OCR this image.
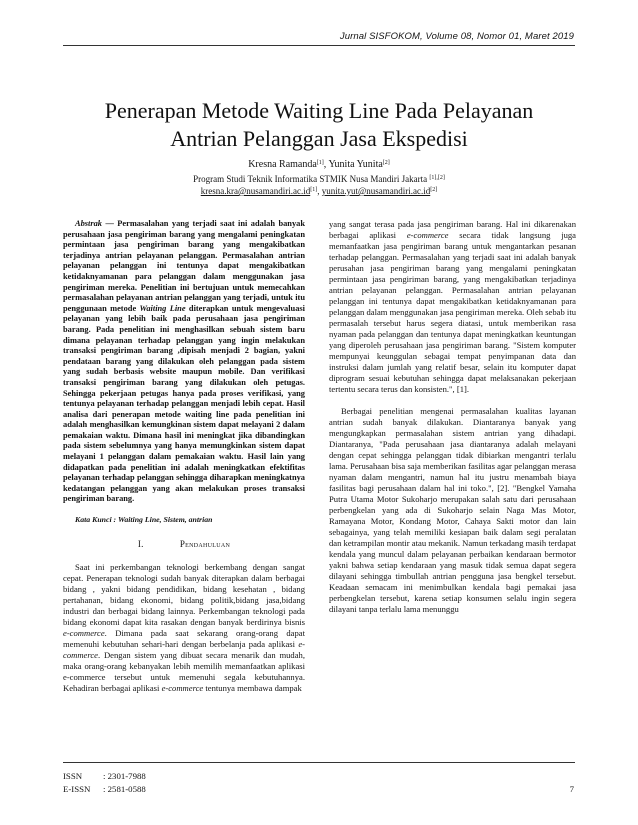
Jurnal SISFOKOM, Volume 08, Nomor 01, Maret 2019
Penerapan Metode Waiting Line Pada Pelayanan
Antrian Pelanggan Jasa Ekspedisi
Kresna Ramanda[1], Yunita Yunita[2]
Program Studi Teknik Informatika STMIK Nusa Mandiri Jakarta [1],[2]
kresna.kra@nusamandiri.ac.id[1], yunita.yut@nusamandiri.ac.id[2]

Abstrak — Permasalahan yang terjadi saat ini adalah banyak perusahaan jasa pengiriman barang yang mengalami peningkatan permintaan jasa pengiriman barang yang mengakibatkan terjadinya antrian pelayanan pelanggan. Permasalahan antrian pelayanan pelanggan ini tentunya dapat mengakibatkan ketidaknyamanan para pelanggan dalam menggunakan jasa pengiriman mereka. Penelitian ini bertujuan untuk memecahkan permasalahan pelayanan antrian pelanggan yang terjadi, untuk itu penggunaan metode Waiting Line diterapkan untuk mengevaluasi pelayanan yang lebih baik pada perusahaan jasa pengiriman barang. Pada penelitian ini menghasilkan sebuah sistem baru dimana pelayanan terhadap pelanggan yang ingin melakukan transaksi pengiriman barang ,dipisah menjadi 2 bagian, yakni pendataan barang yang dilakukan oleh pelanggan pada sistem yang sudah berbasis website maupun mobile. Dan verifikasi transaksi pengiriman barang yang dilakukan oleh petugas. Sehingga pekerjaan petugas hanya pada proses verifikasi, yang tentunya pelayanan terhadap pelanggan menjadi lebih cepat. Hasil analisa dari penerapan metode waiting line pada penelitian ini adalah menghasilkan kemungkinan sistem dapat melayani 2 dalam pemakaian waktu. Dimana hasil ini meningkat jika dibandingkan pada sistem sebelumnya yang hanya memungkinkan sistem dapat melayani 1 pelanggan dalam pemakaian waktu. Hasil lain yang didapatkan pada penelitian ini adalah meningkatkan efektifitas pelayanan terhadap pelanggan sehingga diharapkan meningkatnya kedatangan pelanggan yang akan melakukan proses transaksi pengiriman barang.

Kata Kunci : Waiting Line, Sistem, antrian

I.	Pendahuluan

Saat ini perkembangan teknologi berkembang dengan sangat cepat. Penerapan teknologi sudah banyak diterapkan dalam berbagai bidang , yakni bidang pendidikan, bidang kesehatan , bidang pertahanan, bidang ekonomi, bidang politik,bidang jasa,bidang industri dan berbagai bidang lainnya. Perkembangan teknologi pada bidang ekonomi dapat kita rasakan dengan banyak berdirinya bisnis e-commerce. Dimana pada saat sekarang orang-orang dapat memenuhi kebutuhan sehari-hari dengan berbelanja pada aplikasi e-commerce. Dengan sistem yang dibuat secara menarik dan mudah, maka orang-orang kebanyakan lebih memilih memanfaatkan aplikasi e-commerce tersebut untuk memenuhi segala kebutuhannya. Kehadiran berbagai aplikasi e-commerce tentunya membawa dampak

yang sangat terasa pada jasa pengiriman barang. Hal ini dikarenakan berbagai aplikasi e-commerce secara tidak langsung juga memanfaatkan jasa pengiriman barang untuk mengantarkan pesanan terhadap pelanggan. Permasalahan yang terjadi saat ini adalah banyak perusahan jasa pengiriman barang yang mengalami peningkatan permintaan jasa pengiriman barang, yang mengakibatkan terjadinya antrian pelayanan pelanggan. Permasalahan antrian pelayanan pelanggan ini tentunya dapat mengakibatkan ketidaknyamanan para pelanggan dalam menggunakan jasa pengiriman mereka. Oleh sebab itu permasalah tersebut harus segera diatasi, untuk memberikan rasa nyaman pada pelanggan dan tentunya dapat meningkatkan keuntungan yang diperoleh perusahaan jasa pengiriman barang. "Sistem komputer mempunyai keunggulan sebagai tempat penyimpanan data dan instruksi dalam jumlah yang relatif besar, selain itu komputer dapat diprogram sesuai kebutuhan sehingga dapat melaksanakan pekerjaan tertentu secara terus dan konsisten.", [1].

Berbagai penelitian mengenai permasalahan kualitas layanan antrian sudah banyak dilakukan. Diantaranya banyak yang mengungkapkan permasalahan sistem antrian yang dihadapi. Diantaranya, "Pada perusahaan jasa diantaranya adalah melayani dengan cepat sehingga pelanggan tidak dibiarkan mengantri terlalu lama. Perusahaan bisa saja memberikan fasilitas agar pelanggan merasa nyaman dalam mengantri, namun hal itu justru menambah biaya fasilitas bagi perusahaan dalam hal ini toko.", [2]. "Bengkel Yamaha Putra Utama Motor Sukoharjo merupakan salah satu dari perusahaan perbengkelan yang ada di Sukoharjo selain Naga Mas Motor, Ramayana Motor, Kondang Motor, Cahaya Sakti motor dan lain sebagainya, yang telah memiliki kesiapan baik dalam segi peralatan dan ketrampilan montir atau mekanik. Namun terkadang masih terdapat kendala yang muncul dalam pelayanan perbaikan kendaraan bermotor yakni bahwa setiap kendaraan yang masuk tidak semua dapat segera dilayani sehingga timbullah antrian pengguna jasa bengkel tersebut. Keadaan semacam ini menimbulkan kendala bagi pemakai jasa perbengkelan tersebut, karena setiap konsumen selalu ingin segera dilayani tanpa terlalu lama menunggu

ISSN : 2301-7988
E-ISSN : 2581-0588	7
